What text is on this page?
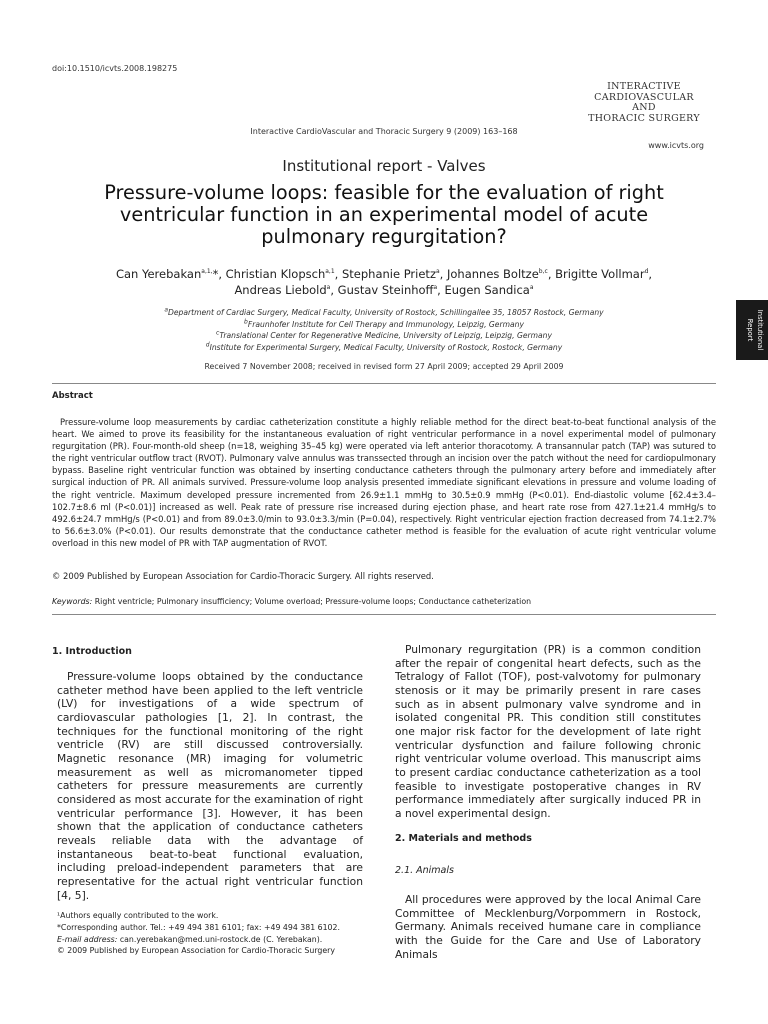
doi:10.1510/icvts.2008.198275
INTERACTIVE
CARDIOVASCULAR AND
THORACIC SURGERY
Interactive CardioVascular and Thoracic Surgery 9 (2009) 163–168
www.icvts.org
Institutional report - Valves
Pressure-volume loops: feasible for the evaluation of right ventricular function in an experimental model of acute pulmonary regurgitation?
Can Yerebakan$^{a,1,}$*, Christian Klopsch$^{a,1}$, Stephanie Prietz$^a$, Johannes Boltze$^{b,c}$, Brigitte Vollmar$^d$,
Andreas Liebold$^a$, Gustav Steinhoff$^a$, Eugen Sandica$^a$
$^a$Department of Cardiac Surgery, Medical Faculty, University of Rostock, Schillingallee 35, 18057 Rostock, Germany
$^b$Fraunhofer Institute for Cell Therapy and Immunology, Leipzig, Germany
$^c$Translational Center for Regenerative Medicine, University of Leipzig, Leipzig, Germany
$^d$Institute for Experimental Surgery, Medical Faculty, University of Rostock, Rostock, Germany
Received 7 November 2008; received in revised form 27 April 2009; accepted 29 April 2009
Institutional
Report
Abstract
Pressure-volume loop measurements by cardiac catheterization constitute a highly reliable method for the direct beat-to-beat functional analysis of the heart. We aimed to prove its feasibility for the instantaneous evaluation of right ventricular performance in a novel experimental model of pulmonary regurgitation (PR). Four-month-old sheep (n=18, weighing 35–45 kg) were operated via left anterior thoracotomy. A transannular patch (TAP) was sutured to the right ventricular outflow tract (RVOT). Pulmonary valve annulus was transsected through an incision over the patch without the need for cardiopulmonary bypass. Baseline right ventricular function was obtained by inserting conductance catheters through the pulmonary artery before and immediately after surgical induction of PR. All animals survived. Pressure-volume loop analysis presented immediate significant elevations in pressure and volume loading of the right ventricle. Maximum developed pressure incremented from 26.9±1.1 mmHg to 30.5±0.9 mmHg (P<0.01). End-diastolic volume [62.4±3.4–102.7±8.6 ml (P<0.01)] increased as well. Peak rate of pressure rise increased during ejection phase, and heart rate rose from 427.1±21.4 mmHg/s to 492.6±24.7 mmHg/s (P<0.01) and from 89.0±3.0/min to 93.0±3.3/min (P=0.04), respectively. Right ventricular ejection fraction decreased from 74.1±2.7% to 56.6±3.0% (P<0.01). Our results demonstrate that the conductance catheter method is feasible for the evaluation of acute right ventricular volume overload in this new model of PR with TAP augmentation of RVOT.
© 2009 Published by European Association for Cardio-Thoracic Surgery. All rights reserved.
Keywords: Right ventricle; Pulmonary insufficiency; Volume overload; Pressure-volume loops; Conductance catheterization
1. Introduction
Pressure-volume loops obtained by the conductance catheter method have been applied to the left ventricle (LV) for investigations of a wide spectrum of cardiovascular pathologies [1, 2]. In contrast, the techniques for the functional monitoring of the right ventricle (RV) are still discussed controversially. Magnetic resonance (MR) imaging for volumetric measurement as well as micromanometer tipped catheters for pressure measurements are currently considered as most accurate for the examination of right ventricular performance [3]. However, it has been shown that the application of conductance catheters reveals reliable data with the advantage of instantaneous beat-to-beat functional evaluation, including preload-independent parameters that are representative for the actual right ventricular function [4, 5].
¹Authors equally contributed to the work.
*Corresponding author. Tel.: +49 494 381 6101; fax: +49 494 381 6102.
E-mail address: can.yerebakan@med.uni-rostock.de (C. Yerebakan).
© 2009 Published by European Association for Cardio-Thoracic Surgery
Pulmonary regurgitation (PR) is a common condition after the repair of congenital heart defects, such as the Tetralogy of Fallot (TOF), post-valvotomy for pulmonary stenosis or it may be primarily present in rare cases such as in absent pulmonary valve syndrome and in isolated congenital PR. This condition still constitutes one major risk factor for the development of late right ventricular dysfunction and failure following chronic right ventricular volume overload. This manuscript aims to present cardiac conductance catheterization as a tool feasible to investigate postoperative changes in RV performance immediately after surgically induced PR in a novel experimental design.
2. Materials and methods
2.1. Animals
All procedures were approved by the local Animal Care Committee of Mecklenburg/Vorpommern in Rostock, Germany. Animals received humane care in compliance with the Guide for the Care and Use of Laboratory Animals
